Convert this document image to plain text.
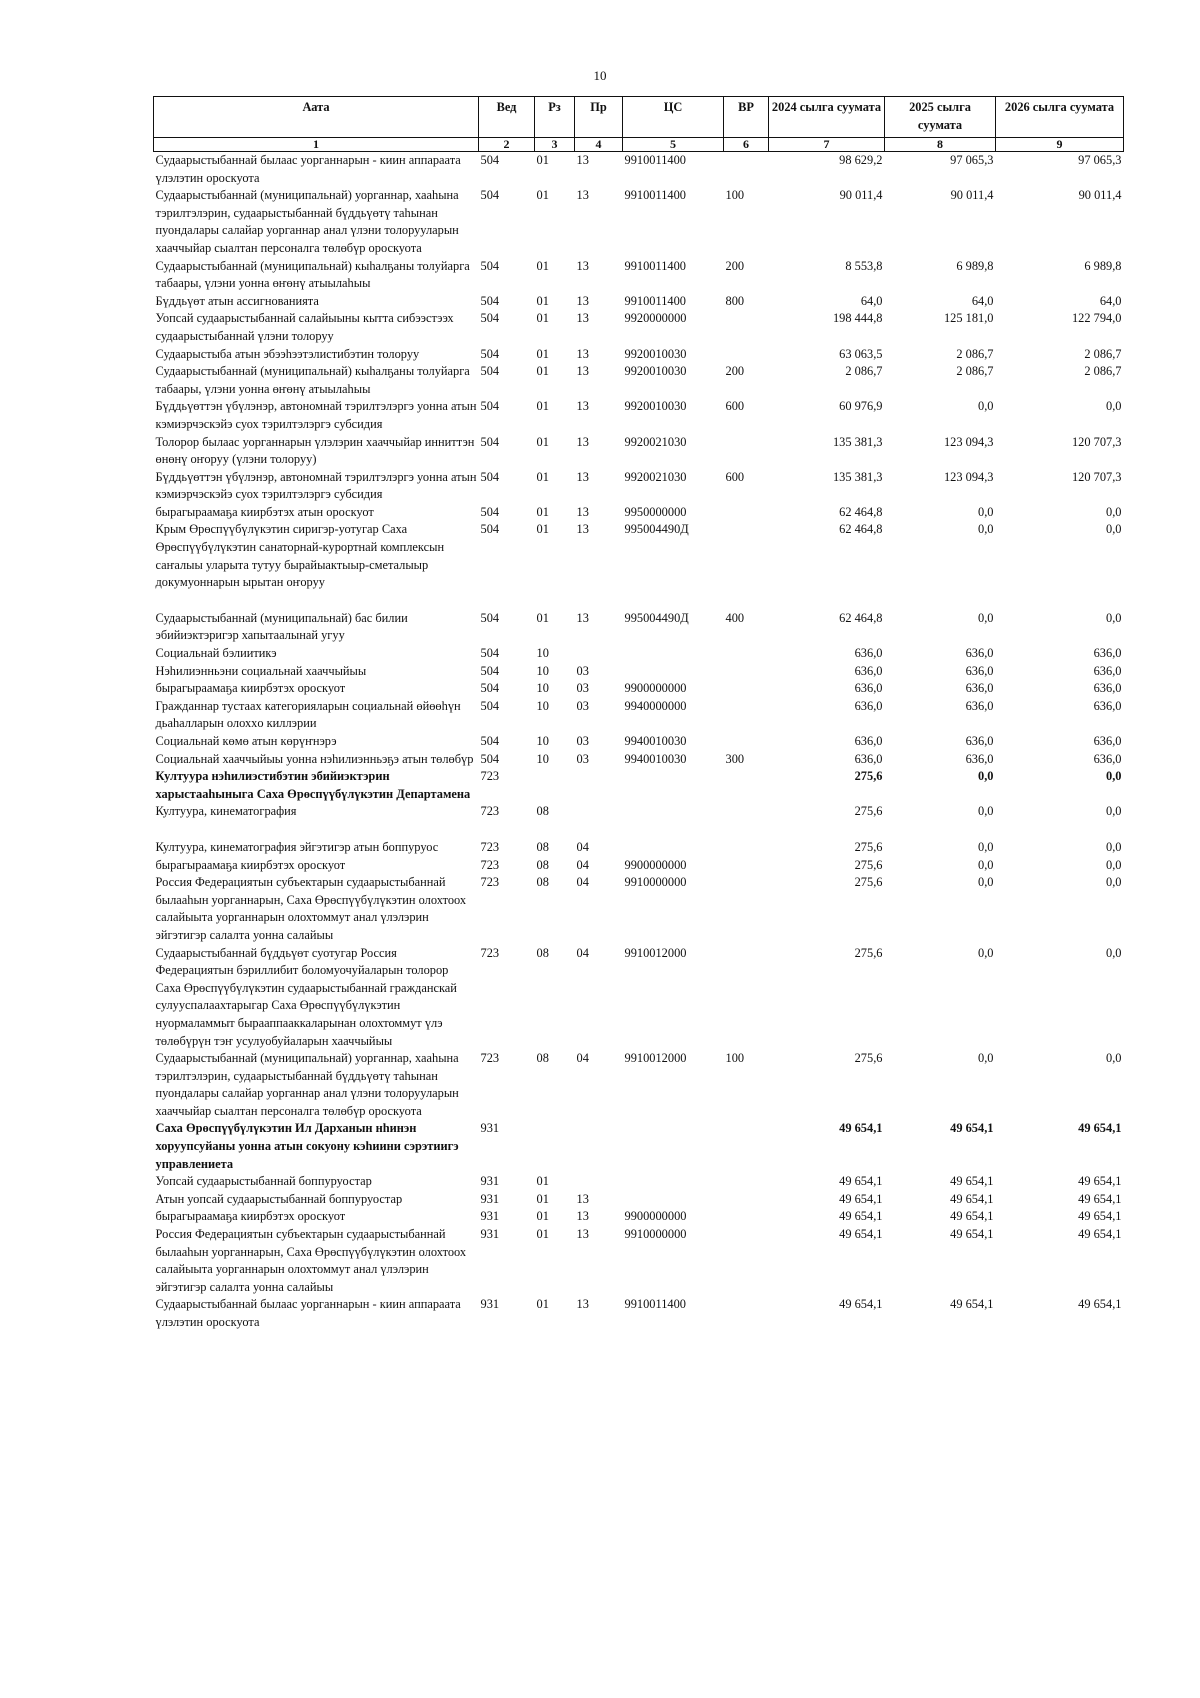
10
Аата	Вед	Рз	Пр	ЦС	ВР	2024 сылга суумата	2025 сылга суумата	2026 сылга суумата
1	2	3	4	5	6	7	8	9
Судаарыстыбаннай былаас уорганнарын - киин аппараата үлэлэтин ороскуота	504	01	13	9910011400		98 629,2	97 065,3	97 065,3
Судаарыстыбаннай (муниципальнай) уорганнар, хааһына тэрилтэлэрин, судаарыстыбаннай бүддьүөтү таһынан пуондалары салайар уорганнар анал үлэни толорууларын хааччыйар сыалтан персоналга төлөбүр ороскуота	504	01	13	9910011400	100	90 011,4	90 011,4	90 011,4
Судаарыстыбаннай (муниципальнай) кыһалҕаны толуйарга табаары, үлэни уонна өҥөнү атыылаһыы	504	01	13	9910011400	200	8 553,8	6 989,8	6 989,8
Бүддьүөт атын ассигнованията	504	01	13	9910011400	800	64,0	64,0	64,0
Уопсай судаарыстыбаннай салайыыны кытта сибээстээх судаарыстыбаннай үлэни толоруу	504	01	13	9920000000		198 444,8	125 181,0	122 794,0
Судаарыстыба атын эбээһээтэлистибэтин толоруу	504	01	13	9920010030		63 063,5	2 086,7	2 086,7
Судаарыстыбаннай (муниципальнай) кыһалҕаны толуйарга табаары, үлэни уонна өҥөнү атыылаһыы	504	01	13	9920010030	200	2 086,7	2 086,7	2 086,7
Бүддьүөттэн үбүлэнэр, автономнай тэрилтэлэргэ уонна атын кэмиэрчэскэйэ суох тэрилтэлэргэ субсидия	504	01	13	9920010030	600	60 976,9	0,0	0,0
Толорор былаас уорганнарын үлэлэрин хааччыйар инниттэн өнөнү оҥоруу (үлэни толоруу)	504	01	13	9920021030		135 381,3	123 094,3	120 707,3
Бүддьүөттэн үбүлэнэр, автономнай тэрилтэлэргэ уонна атын кэмиэрчэскэйэ суох тэрилтэлэргэ субсидия	504	01	13	9920021030	600	135 381,3	123 094,3	120 707,3
бырагыраамаҕа киирбэтэх атын ороскуот	504	01	13	9950000000		62 464,8	0,0	0,0
Крым Өрөспүүбүлүкэтин сиригэр-уотугар Саха Өрөспүүбүлүкэтин санаторнай-курортнай комплексын саҥалыы уларыта тутуу бырайыактыыр-сметалыыр докумуоннарын ырытан оҥоруу	504	01	13	995004490Д		62 464,8	0,0	0,0
Судаарыстыбаннай (муниципальнай) бас билии эбийиэктэригэр хапытаалынай угуу	504	01	13	995004490Д	400	62 464,8	0,0	0,0
Социальнай бэлиитикэ	504	10				636,0	636,0	636,0
Нэһилиэнньэни социальнай хааччыйыы	504	10	03			636,0	636,0	636,0
бырагыраамаҕа киирбэтэх ороскуот	504	10	03	9900000000		636,0	636,0	636,0
Гражданнар тустаах категорияларын социальнай өйөөһүн дьаһалларын олохxo киллэрии	504	10	03	9940000000		636,0	636,0	636,0
Социальнай көмө атын көрүҥнэрэ	504	10	03	9940010030		636,0	636,0	636,0
Социальнай хааччыйыы уонна нэһилиэнньэҕэ атын төлөбүр	504	10	03	9940010030	300	636,0	636,0	636,0
Култуура нэһилиэстибэтин эбийиэктэрин харыстааһыныгa Саха Өрөспүүбүлүкэтин Департамена	723					275,6	0,0	0,0
Култуура, кинематография	723	08				275,6	0,0	0,0
Култуура, кинематография эйгэтигэр атын боппуруос	723	08	04			275,6	0,0	0,0
бырагыраамаҕа киирбэтэх ороскуот	723	08	04	9900000000		275,6	0,0	0,0
Россия Федерациятын субъектарын судаарыстыбаннай былааһын уорганнарын, Саха Өрөспүүбүлүкэтин олохтоох салайыыта уорганнарын олохтоммут анал үлэлэрин эйгэтигэр салалта уонна салайыы	723	08	04	9910000000		275,6	0,0	0,0
Судаарыстыбаннай бүддьүөт суотугар Россия Федерациятын бэриллибит боломуочуйаларын толорор Саха Өрөспүүбүлүкэтин судаарыстыбаннай гражданскай сулууспалаахтарыгар Саха Өрөспүүбүлүкэтин нуормаламмыт бырааппааккаларынан олохтоммут үлэ төлөбүрүн тэҥ усулуобуйаларын хааччыйыы	723	08	04	9910012000		275,6	0,0	0,0
Судаарыстыбаннай (муниципальнай) уорганнар, хааһына тэрилтэлэрин, судаарыстыбаннай бүддьүөтү таһынан пуондалары салайар уорганнар анал үлэни толорууларын хааччыйар сыалтан персоналга төлөбүр ороскуота	723	08	04	9910012000	100	275,6	0,0	0,0
Саха Өрөспүүбүлүкэтин Ил Дарханын нһинэн хоруупсуйаны уонна атын сокуону кэһиини сэрэтиигэ управлениета	931					49 654,1	49 654,1	49 654,1
Уопсай судаарыстыбаннай боппуруостар	931	01				49 654,1	49 654,1	49 654,1
Атын уопсай судаарыстыбаннай боппуруостар	931	01	13			49 654,1	49 654,1	49 654,1
бырагыраамаҕа киирбэтэх ороскуот	931	01	13	9900000000		49 654,1	49 654,1	49 654,1
Россия Федерациятын субъектарын судаарыстыбаннай былааһын уорганнарын, Саха Өрөспүүбүлүкэтин олохтоох салайыыта уорганнарын олохтоммут анал үлэлэрин эйгэтигэр салалта уонна салайыы	931	01	13	9910000000		49 654,1	49 654,1	49 654,1
Судаарыстыбаннай былаас уорганнарын - киин аппараата үлэлэтин ороскуота	931	01	13	9910011400		49 654,1	49 654,1	49 654,1
